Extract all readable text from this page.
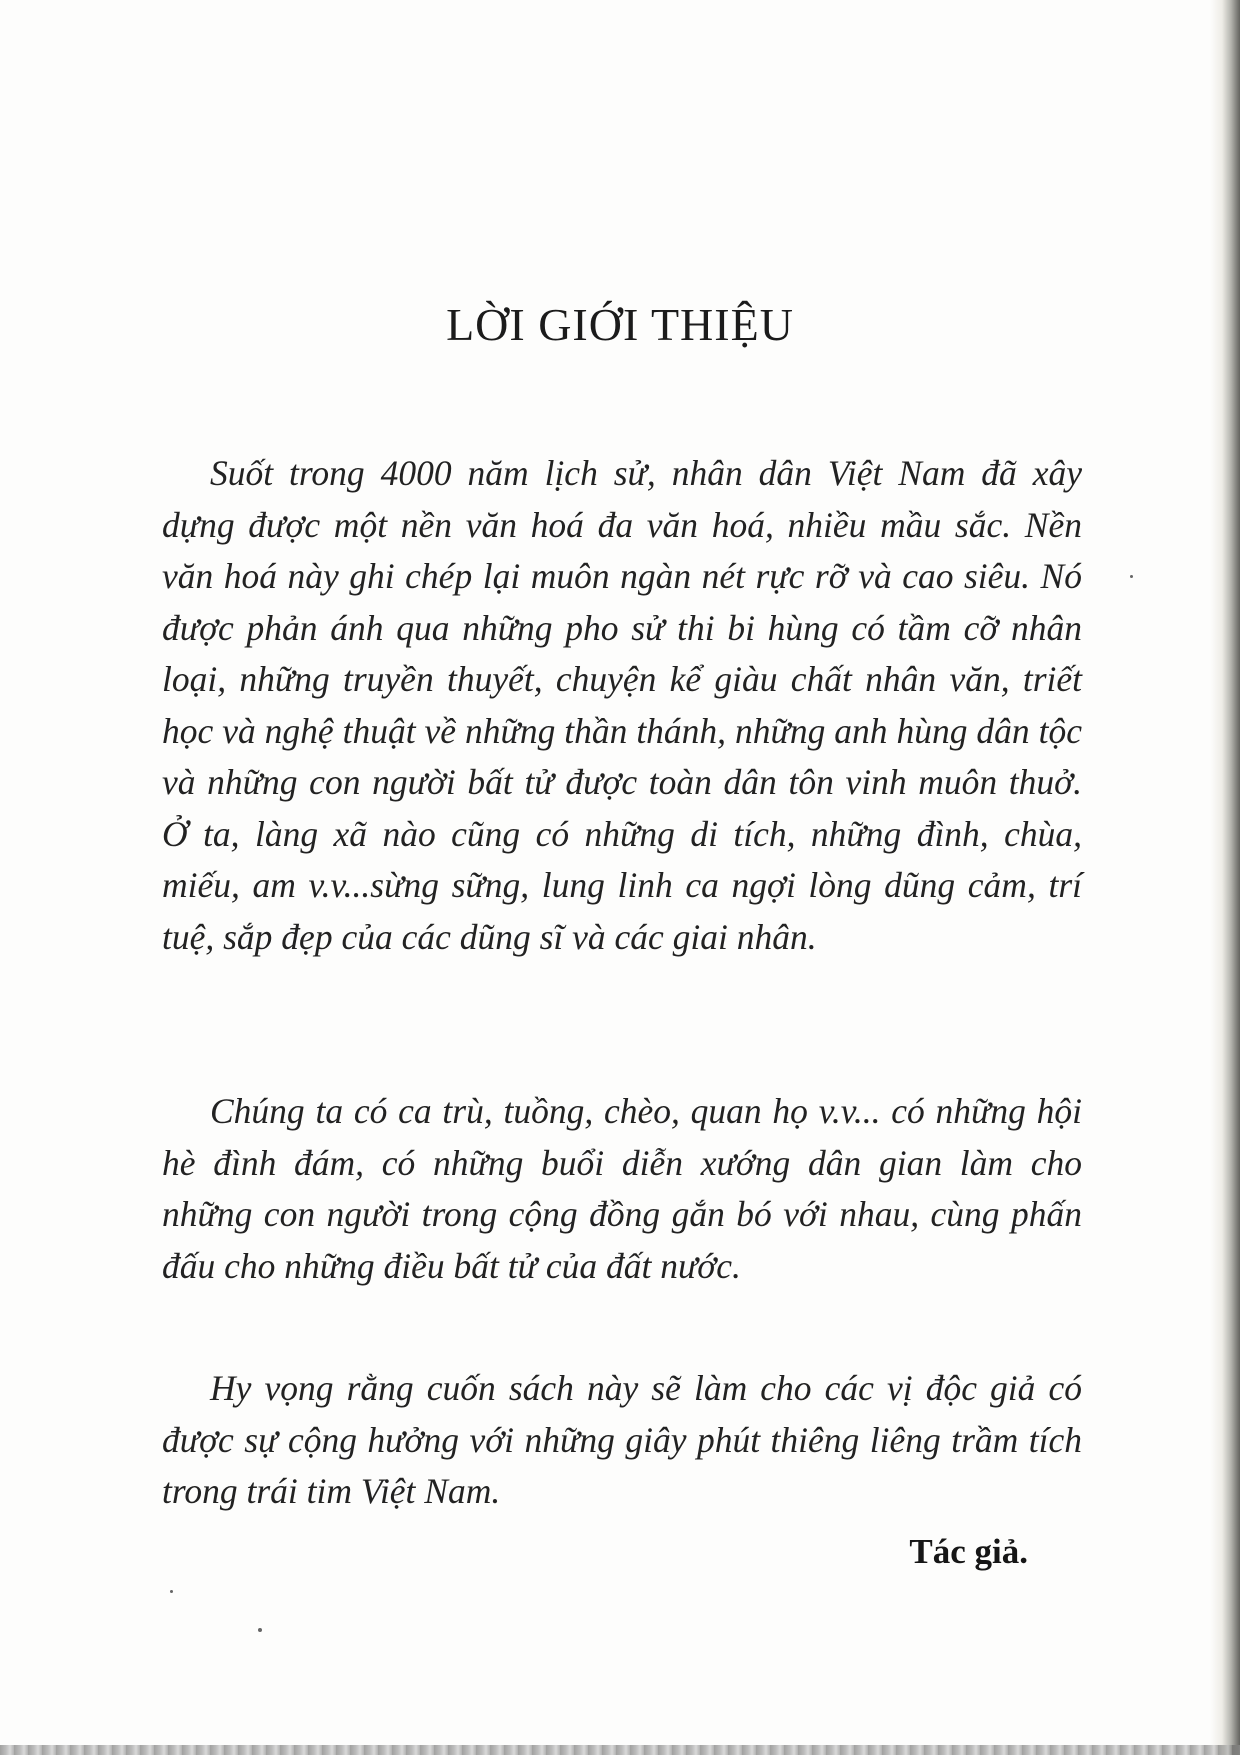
LỜI GIỚI THIỆU
Suốt trong 4000 năm lịch sử, nhân dân Việt Nam đã xây dựng được một nền văn hoá đa văn hoá, nhiều mầu sắc. Nền văn hoá này ghi chép lại muôn ngàn nét rực rỡ và cao siêu. Nó được phản ánh qua những pho sử thi bi hùng có tầm cỡ nhân loại, những truyền thuyết, chuyện kể giàu chất nhân văn, triết học và nghệ thuật về những thần thánh, những anh hùng dân tộc và những con người bất tử được toàn dân tôn vinh muôn thuở. Ở ta, làng xã nào cũng có những di tích, những đình, chùa, miếu, am v.v...sừng sững, lung linh ca ngợi lòng dũng cảm, trí tuệ, sắp đẹp của các dũng sĩ và các giai nhân.
Chúng ta có ca trù, tuồng, chèo, quan họ v.v... có những hội hè đình đám, có những buổi diễn xướng dân gian làm cho những con người trong cộng đồng gắn bó với nhau, cùng phấn đấu cho những điều bất tử của đất nước.
Hy vọng rằng cuốn sách này sẽ làm cho các vị độc giả có được sự cộng hưởng với những giây phút thiêng liêng trầm tích trong trái tim Việt Nam.
Tác giả.
